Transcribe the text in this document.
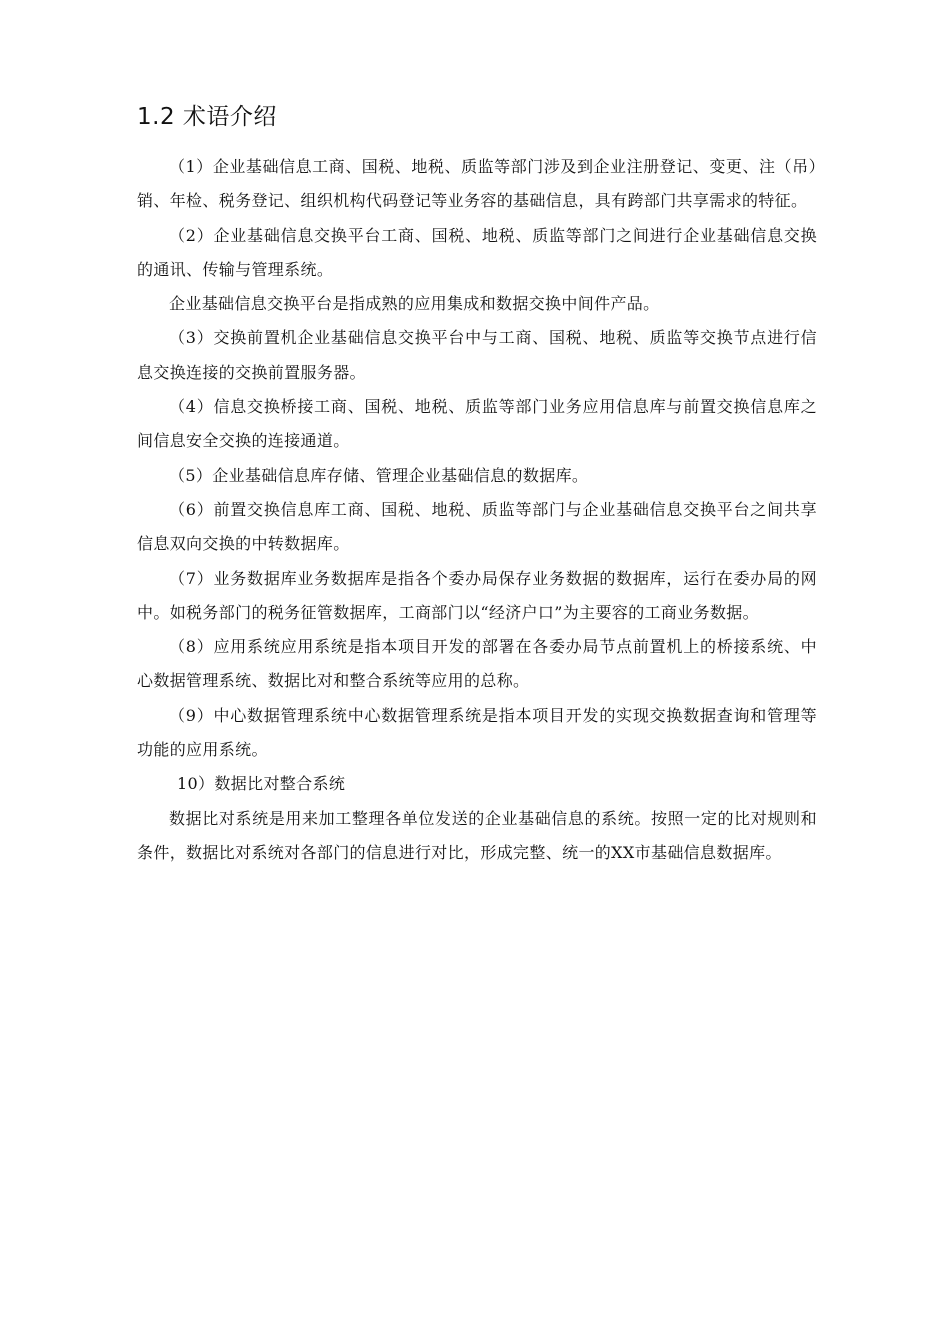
1.2 术语介绍

（1）企业基础信息工商、国税、地税、质监等部门涉及到企业注册登记、变更、注（吊）销、年检、税务登记、组织机构代码登记等业务容的基础信息，具有跨部门共享需求的特征。

（2）企业基础信息交换平台工商、国税、地税、质监等部门之间进行企业基础信息交换的通讯、传输与管理系统。

企业基础信息交换平台是指成熟的应用集成和数据交换中间件产品。

（3）交换前置机企业基础信息交换平台中与工商、国税、地税、质监等交换节点进行信息交换连接的交换前置服务器。

（4）信息交换桥接工商、国税、地税、质监等部门业务应用信息库与前置交换信息库之间信息安全交换的连接通道。

（5）企业基础信息库存储、管理企业基础信息的数据库。

（6）前置交换信息库工商、国税、地税、质监等部门与企业基础信息交换平台之间共享信息双向交换的中转数据库。

（7）业务数据库业务数据库是指各个委办局保存业务数据的数据库，运行在委办局的网中。如税务部门的税务征管数据库，工商部门以“经济户口”为主要容的工商业务数据。

（8）应用系统应用系统是指本项目开发的部署在各委办局节点前置机上的桥接系统、中心数据管理系统、数据比对和整合系统等应用的总称。

（9）中心数据管理系统中心数据管理系统是指本项目开发的实现交换数据查询和管理等功能的应用系统。

10）数据比对整合系统

数据比对系统是用来加工整理各单位发送的企业基础信息的系统。按照一定的比对规则和条件，数据比对系统对各部门的信息进行对比，形成完整、统一的XX市基础信息数据库。
